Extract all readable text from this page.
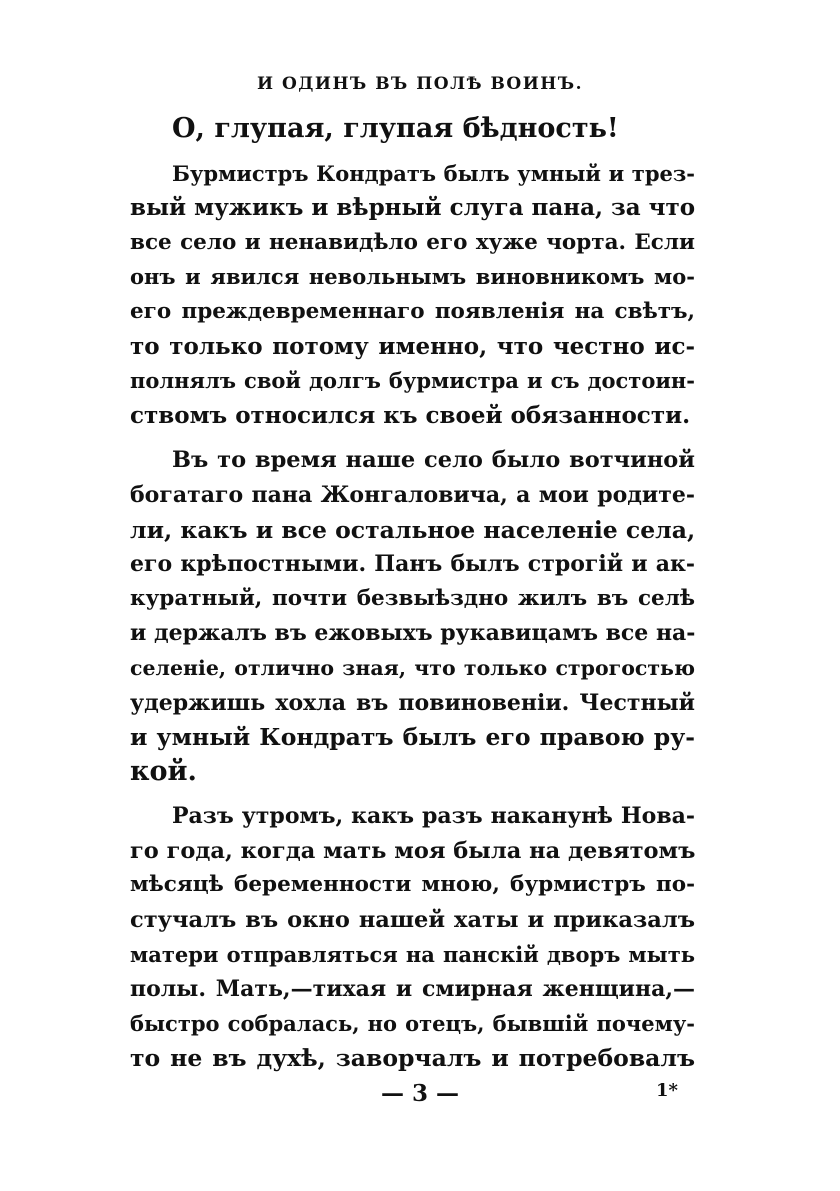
И ОДИНЪ ВЪ ПОЛѢ ВОИНЪ.
О, глупая, глупая бѣдность!
Бурмистръ Кондратъ былъ умный и трез-
вый мужикъ и вѣрный слуга пана, за что
все село и ненавидѣло его хуже чорта. Если
онъ и явился невольнымъ виновникомъ мо-
его преждевременнаго появленія на свѣтъ,
то только потому именно, что честно ис-
полнялъ свой долгъ бурмистра и съ достоин-
ствомъ относился къ своей обязанности.
Въ то время наше село было вотчиной
богатаго пана Жонгаловича, а мои родите-
ли, какъ и все остальное населеніе села,
его крѣпостными. Панъ былъ строгій и ак-
куратный, почти безвыѣздно жилъ въ селѣ
и держалъ въ ежовыхъ рукавицамъ все на-
селеніе, отлично зная, что только строгостью
удержишь хохла въ повиновеніи. Честный
и умный Кондратъ былъ его правою ру-
кой.
Разъ утромъ, какъ разъ наканунѣ Нова-
го года, когда мать моя была на девятомъ
мѣсяцѣ беременности мною, бурмистръ по-
стучалъ въ окно нашей хаты и приказалъ
матери отправляться на панскій дворъ мыть
полы. Мать,—тихая и смирная женщина,—
быстро собралась, но отецъ, бывшій почему-
то не въ духѣ, заворчалъ и потребовалъ
— 3 —	1*
